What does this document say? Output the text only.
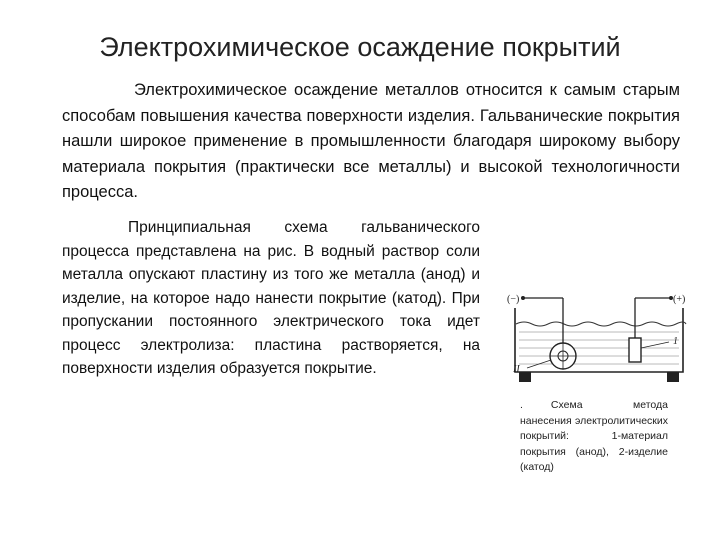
Электрохимическое осаждение покрытий

Электрохимическое осаждение металлов относится к самым старым способам повышения качества поверхности изделия. Гальванические покрытия нашли широкое применение в промышленности благодаря широкому выбору материала покрытия (практически все металлы) и высокой технологичности процесса.

Принципиальная схема гальванического процесса представлена на рис. В водный раствор соли металла опускают пластину из того же металла (анод) и изделие, на которое надо нанести покрытие (катод). При пропускании постоянного электрического тока идет процесс электролиза: пластина растворяется, на поверхности изделия образуется покрытие.

(−)	(+)
1
II
.	Схема метода нанесения электролитических покрытий: 1-материал покрытия (анод), 2-изделие (катод)
